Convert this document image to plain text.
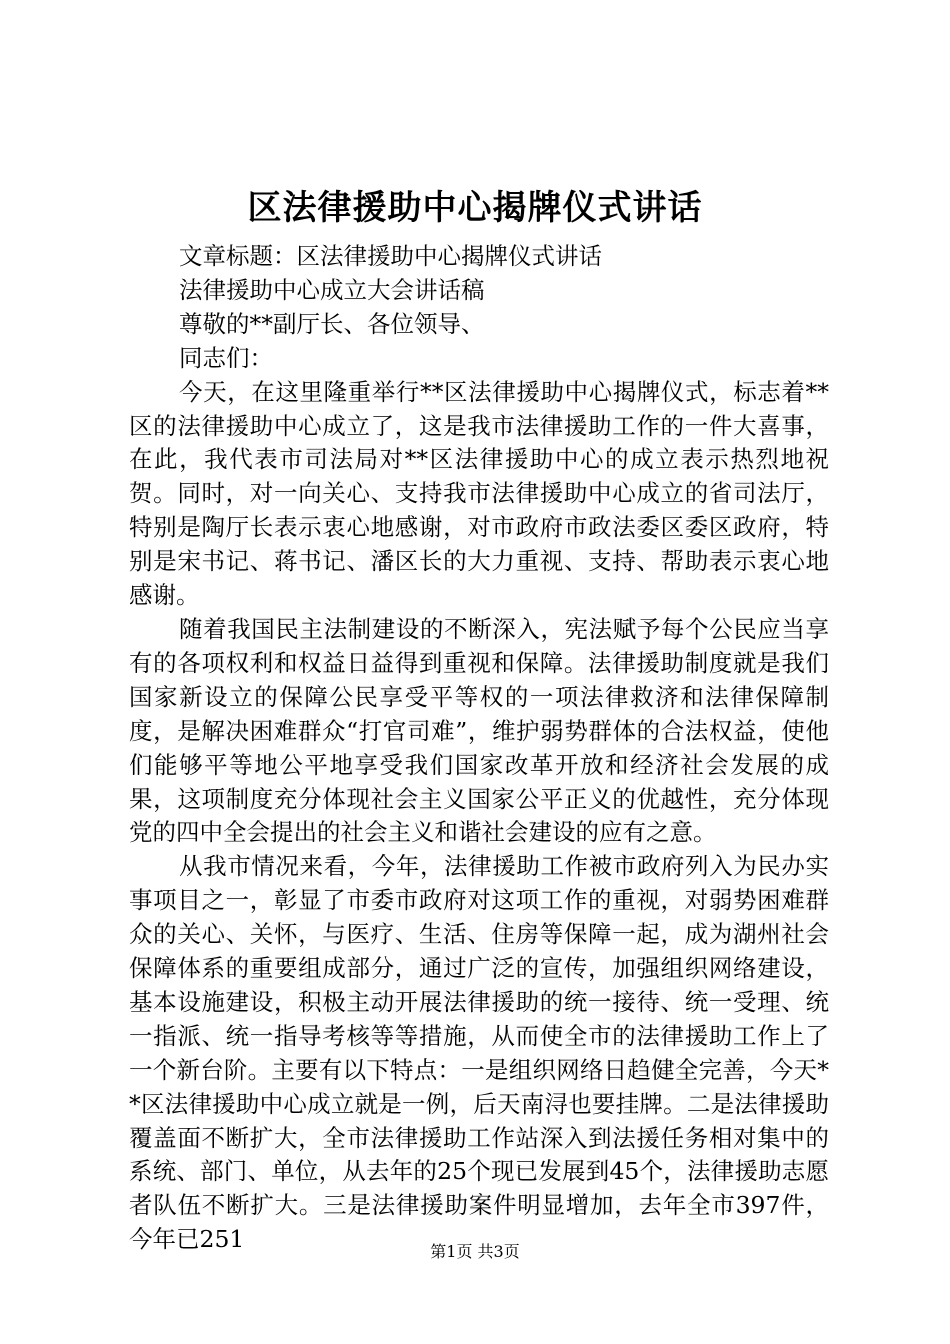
区法律援助中心揭牌仪式讲话

文章标题：区法律援助中心揭牌仪式讲话

法律援助中心成立大会讲话稿

尊敬的**副厅长、各位领导、

同志们：

今天，在这里隆重举行**区法律援助中心揭牌仪式，标志着**区的法律援助中心成立了，这是我市法律援助工作的一件大喜事，在此，我代表市司法局对**区法律援助中心的成立表示热烈地祝贺。同时，对一向关心、支持我市法律援助中心成立的省司法厅，特别是陶厅长表示衷心地感谢，对市政府市政法委区委区政府，特别是宋书记、蒋书记、潘区长的大力重视、支持、帮助表示衷心地感谢。

随着我国民主法制建设的不断深入，宪法赋予每个公民应当享有的各项权利和权益日益得到重视和保障。法律援助制度就是我们国家新设立的保障公民享受平等权的一项法律救济和法律保障制度，是解决困难群众“打官司难”，维护弱势群体的合法权益，使他们能够平等地公平地享受我们国家改革开放和经济社会发展的成果，这项制度充分体现社会主义国家公平正义的优越性，充分体现党的四中全会提出的社会主义和谐社会建设的应有之意。

从我市情况来看，今年，法律援助工作被市政府列入为民办实事项目之一，彰显了市委市政府对这项工作的重视，对弱势困难群众的关心、关怀，与医疗、生活、住房等保障一起，成为湖州社会保障体系的重要组成部分，通过广泛的宣传，加强组织网络建设，基本设施建设，积极主动开展法律援助的统一接待、统一受理、统一指派、统一指导考核等等措施，从而使全市的法律援助工作上了一个新台阶。主要有以下特点：一是组织网络日趋健全完善，今天**区法律援助中心成立就是一例，后天南浔也要挂牌。二是法律援助覆盖面不断扩大，全市法律援助工作站深入到法援任务相对集中的系统、部门、单位，从去年的25个现已发展到45个，法律援助志愿者队伍不断扩大。三是法律援助案件明显增加，去年全市397件，今年已251	第1页 共3页
